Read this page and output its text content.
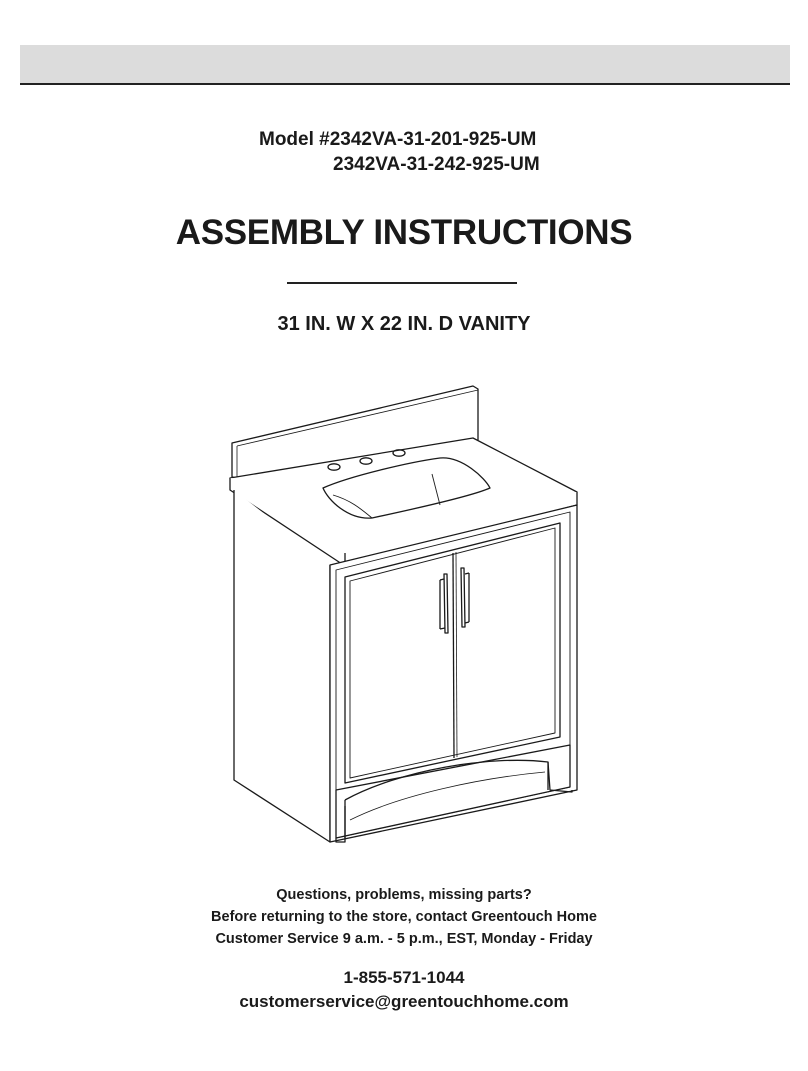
Model #2342VA-31-201-925-UM
2342VA-31-242-925-UM
ASSEMBLY INSTRUCTIONS
31 IN. W X 22 IN. D VANITY
Questions, problems, missing parts?
Before returning to the store, contact Greentouch Home
Customer Service 9 a.m. - 5 p.m., EST, Monday - Friday
1-855-571-1044
customerservice@greentouchhome.com
